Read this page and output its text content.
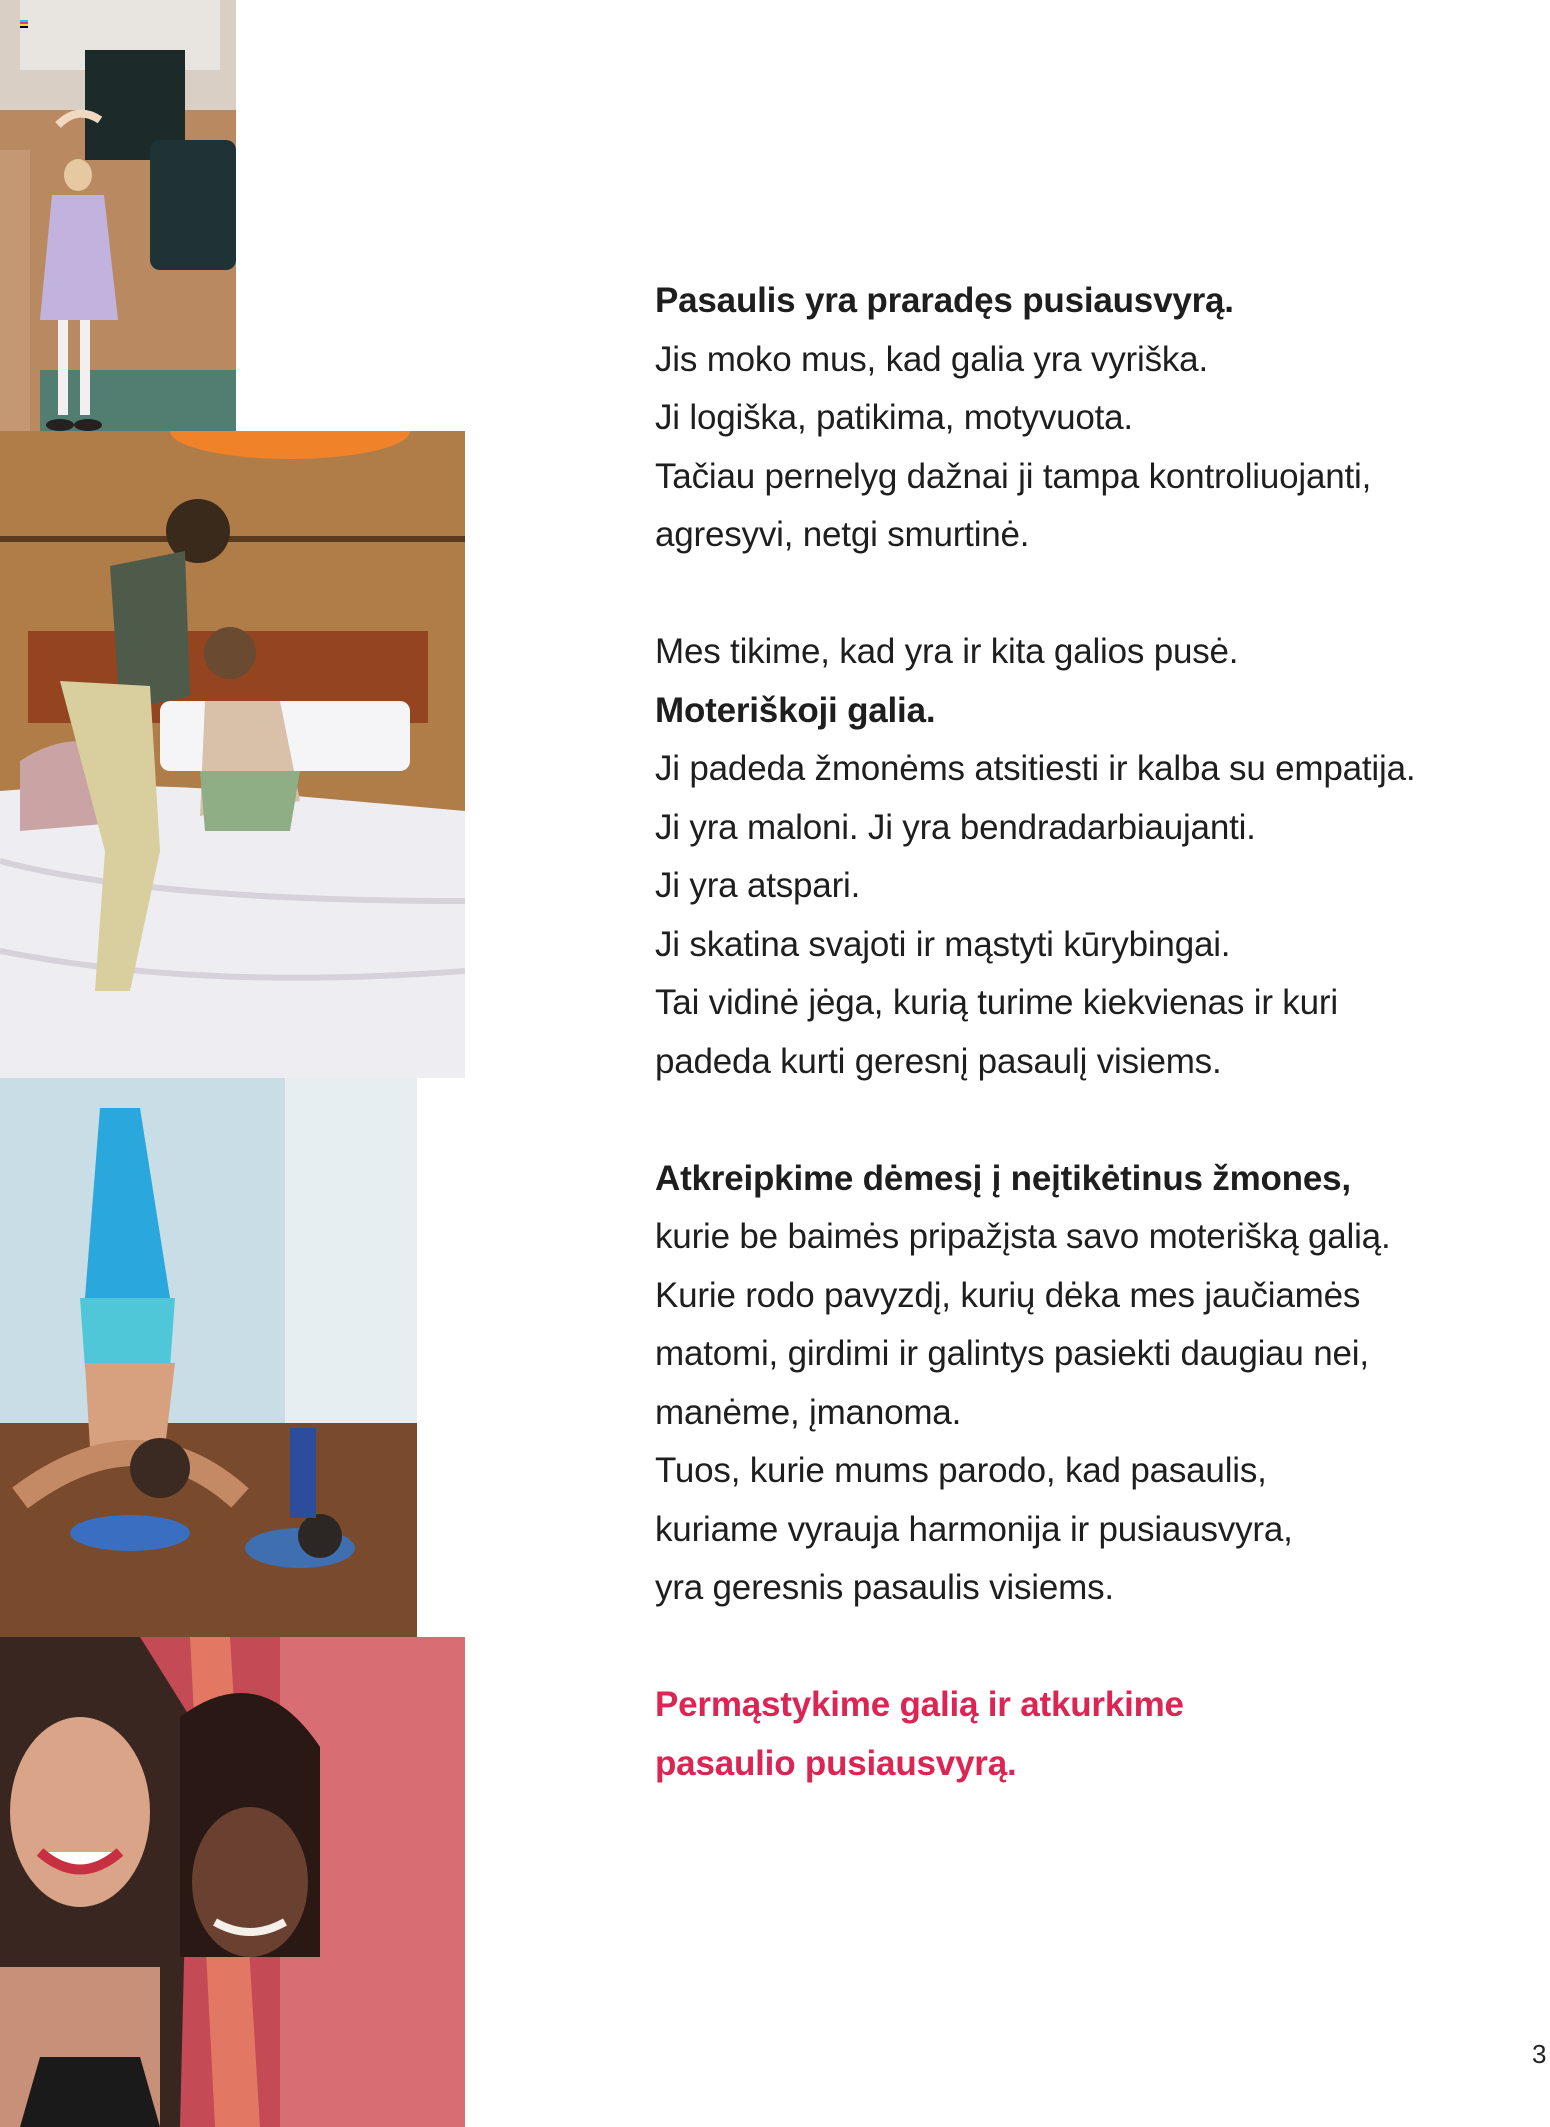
Pasaulis yra praradęs pusiausvyrą.

Jis moko mus, kad galia yra vyriška.

Ji logiška, patikima, motyvuota.

Tačiau pernelyg dažnai ji tampa kontroliuojanti,

agresyvi, netgi smurtinė.

Mes tikime, kad yra ir kita galios pusė.

Moteriškoji galia.

Ji padeda žmonėms atsitiesti ir kalba su empatija.

Ji yra maloni. Ji yra bendradarbiaujanti.

Ji yra atspari.

Ji skatina svajoti ir mąstyti kūrybingai.

Tai vidinė jėga, kurią turime kiekvienas ir kuri

padeda kurti geresnį pasaulį visiems.

Atkreipkime dėmesį į neįtikėtinus žmones,

kurie be baimės pripažįsta savo moterišką galią.

Kurie rodo pavyzdį, kurių dėka mes jaučiamės

matomi, girdimi ir galintys pasiekti daugiau nei,

manėme, įmanoma.

Tuos, kurie mums parodo, kad pasaulis,

kuriame vyrauja harmonija ir pusiausvyra,

yra geresnis pasaulis visiems.

Permąstykime galią ir atkurkime

pasaulio pusiausvyrą.

3
